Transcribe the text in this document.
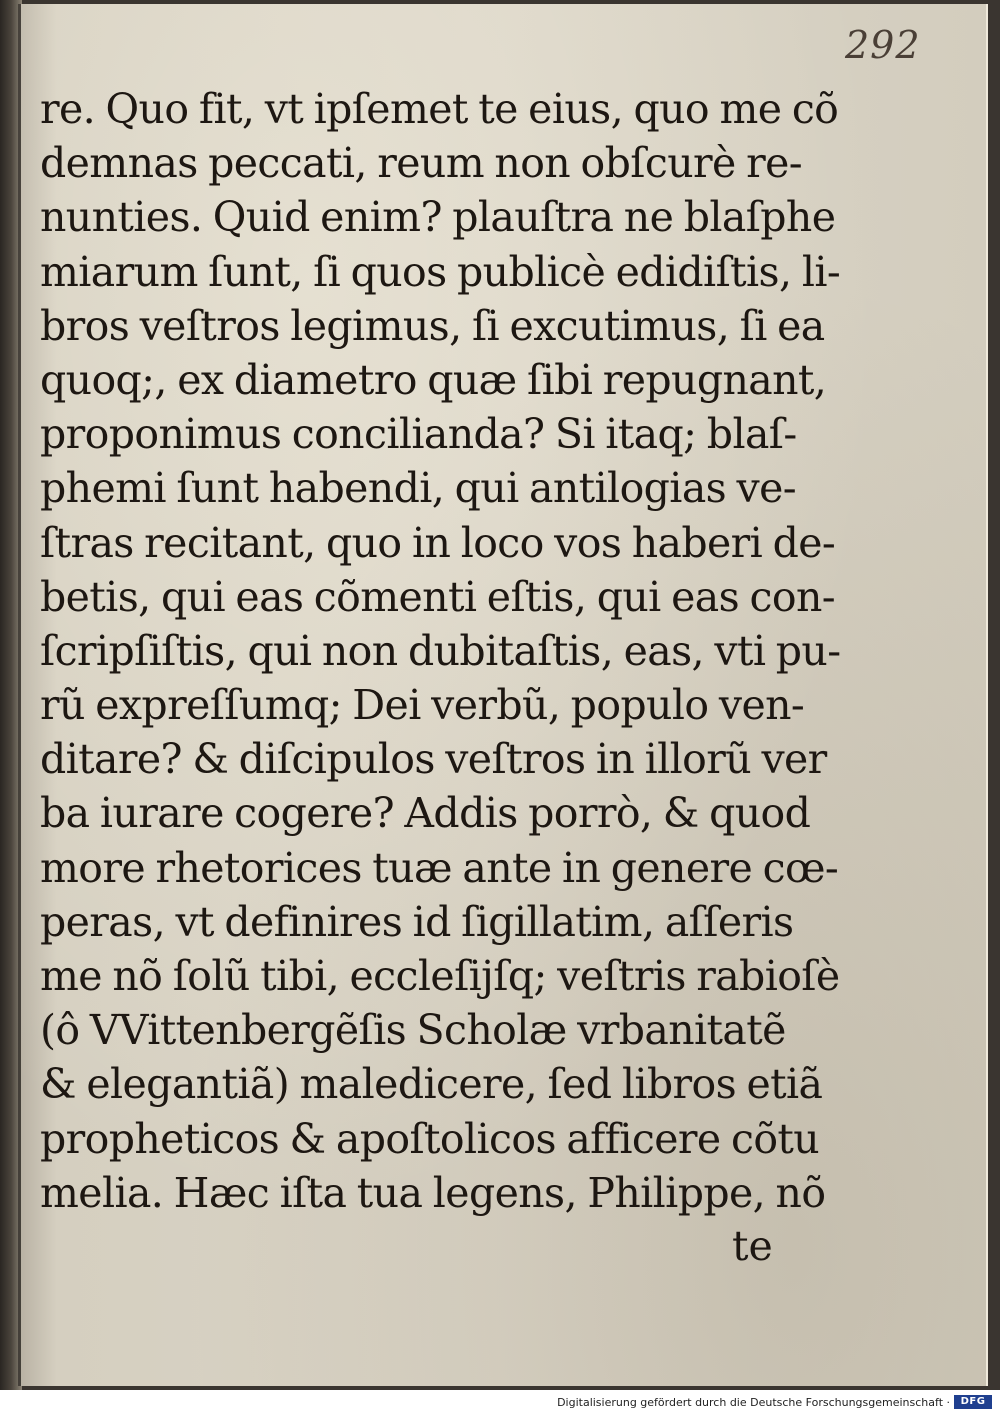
292
re. Quo fit, vt ipſemet te eius, quo me cõ
demnas peccati, reum non obſcurè re-
nunties. Quid enim? plauſtra ne blaſphe
miarum ſunt, ſi quos publicè edidiſtis, li-
bros veſtros legimus, ſi excutimus, ſi ea
quoq;, ex diametro quæ ſibi repugnant,
proponimus concilianda? Si itaq; blaſ-
phemi ſunt habendi, qui antilogias ve-
ſtras recitant, quo in loco vos haberi de-
betis, qui eas cõmenti eſtis, qui eas con-
ſcripſiſtis, qui non dubitaſtis, eas, vti pu-
rũ expreſſumq; Dei verbũ, populo ven-
ditare? & diſcipulos veſtros in illorũ ver
ba iurare cogere? Addis porrò, & quod
more rhetorices tuæ ante in genere cœ-
peras, vt definires id ſigillatim, aſſeris
me nõ ſolũ tibi, eccleſijſq; veſtris rabioſè
(ô VVittenbergẽſis Scholæ vrbanitatẽ
& elegantiã) maledicere, ſed libros etiã
propheticos & apoſtolicos afficere cõtu
melia. Hæc iſta tua legens, Philippe, nõ
te
Digitalisierung gefördert durch die Deutsche Forschungsgemeinschaft ·	DFG
